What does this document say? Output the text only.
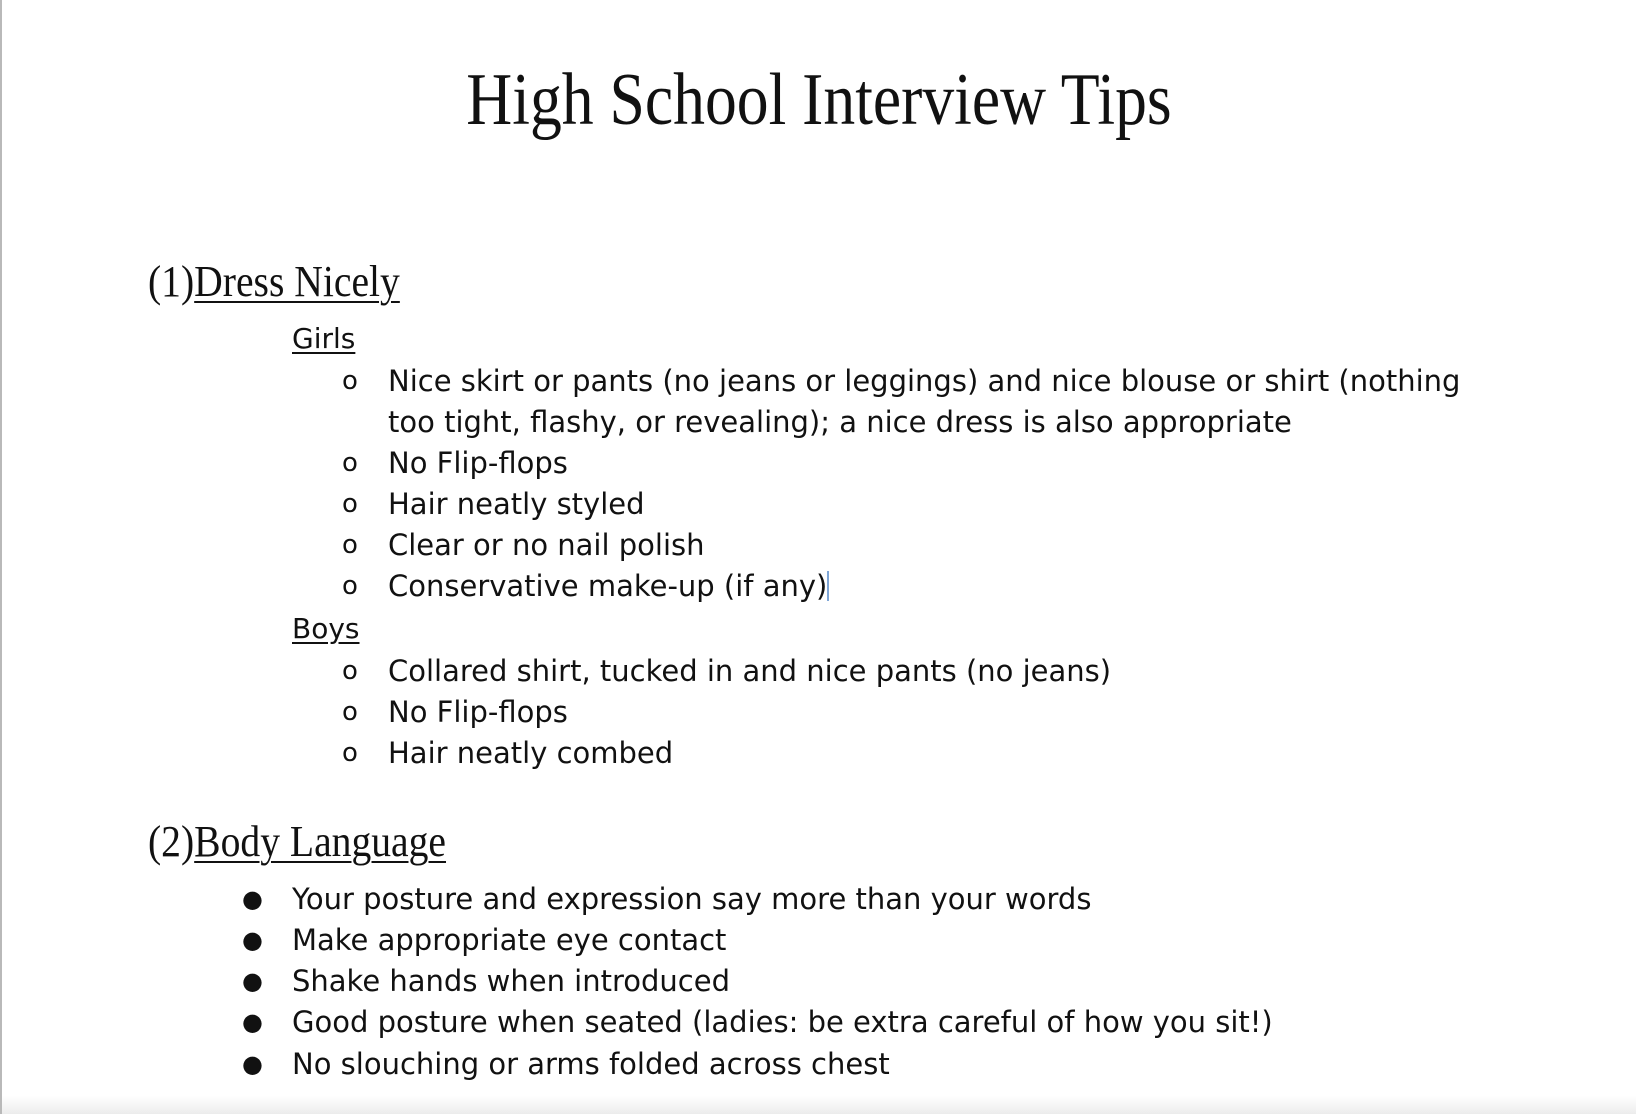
High School Interview Tips
(1)Dress Nicely
Girls
o Nice skirt or pants (no jeans or leggings) and nice blouse or shirt (nothing too tight, flashy, or revealing); a nice dress is also appropriate
o No Flip-flops
o Hair neatly styled
o Clear or no nail polish
o Conservative make-up (if any)
Boys
o Collared shirt, tucked in and nice pants (no jeans)
o No Flip-flops
o Hair neatly combed
(2)Body Language
● Your posture and expression say more than your words
● Make appropriate eye contact
● Shake hands when introduced
● Good posture when seated (ladies: be extra careful of how you sit!)
● No slouching or arms folded across chest
